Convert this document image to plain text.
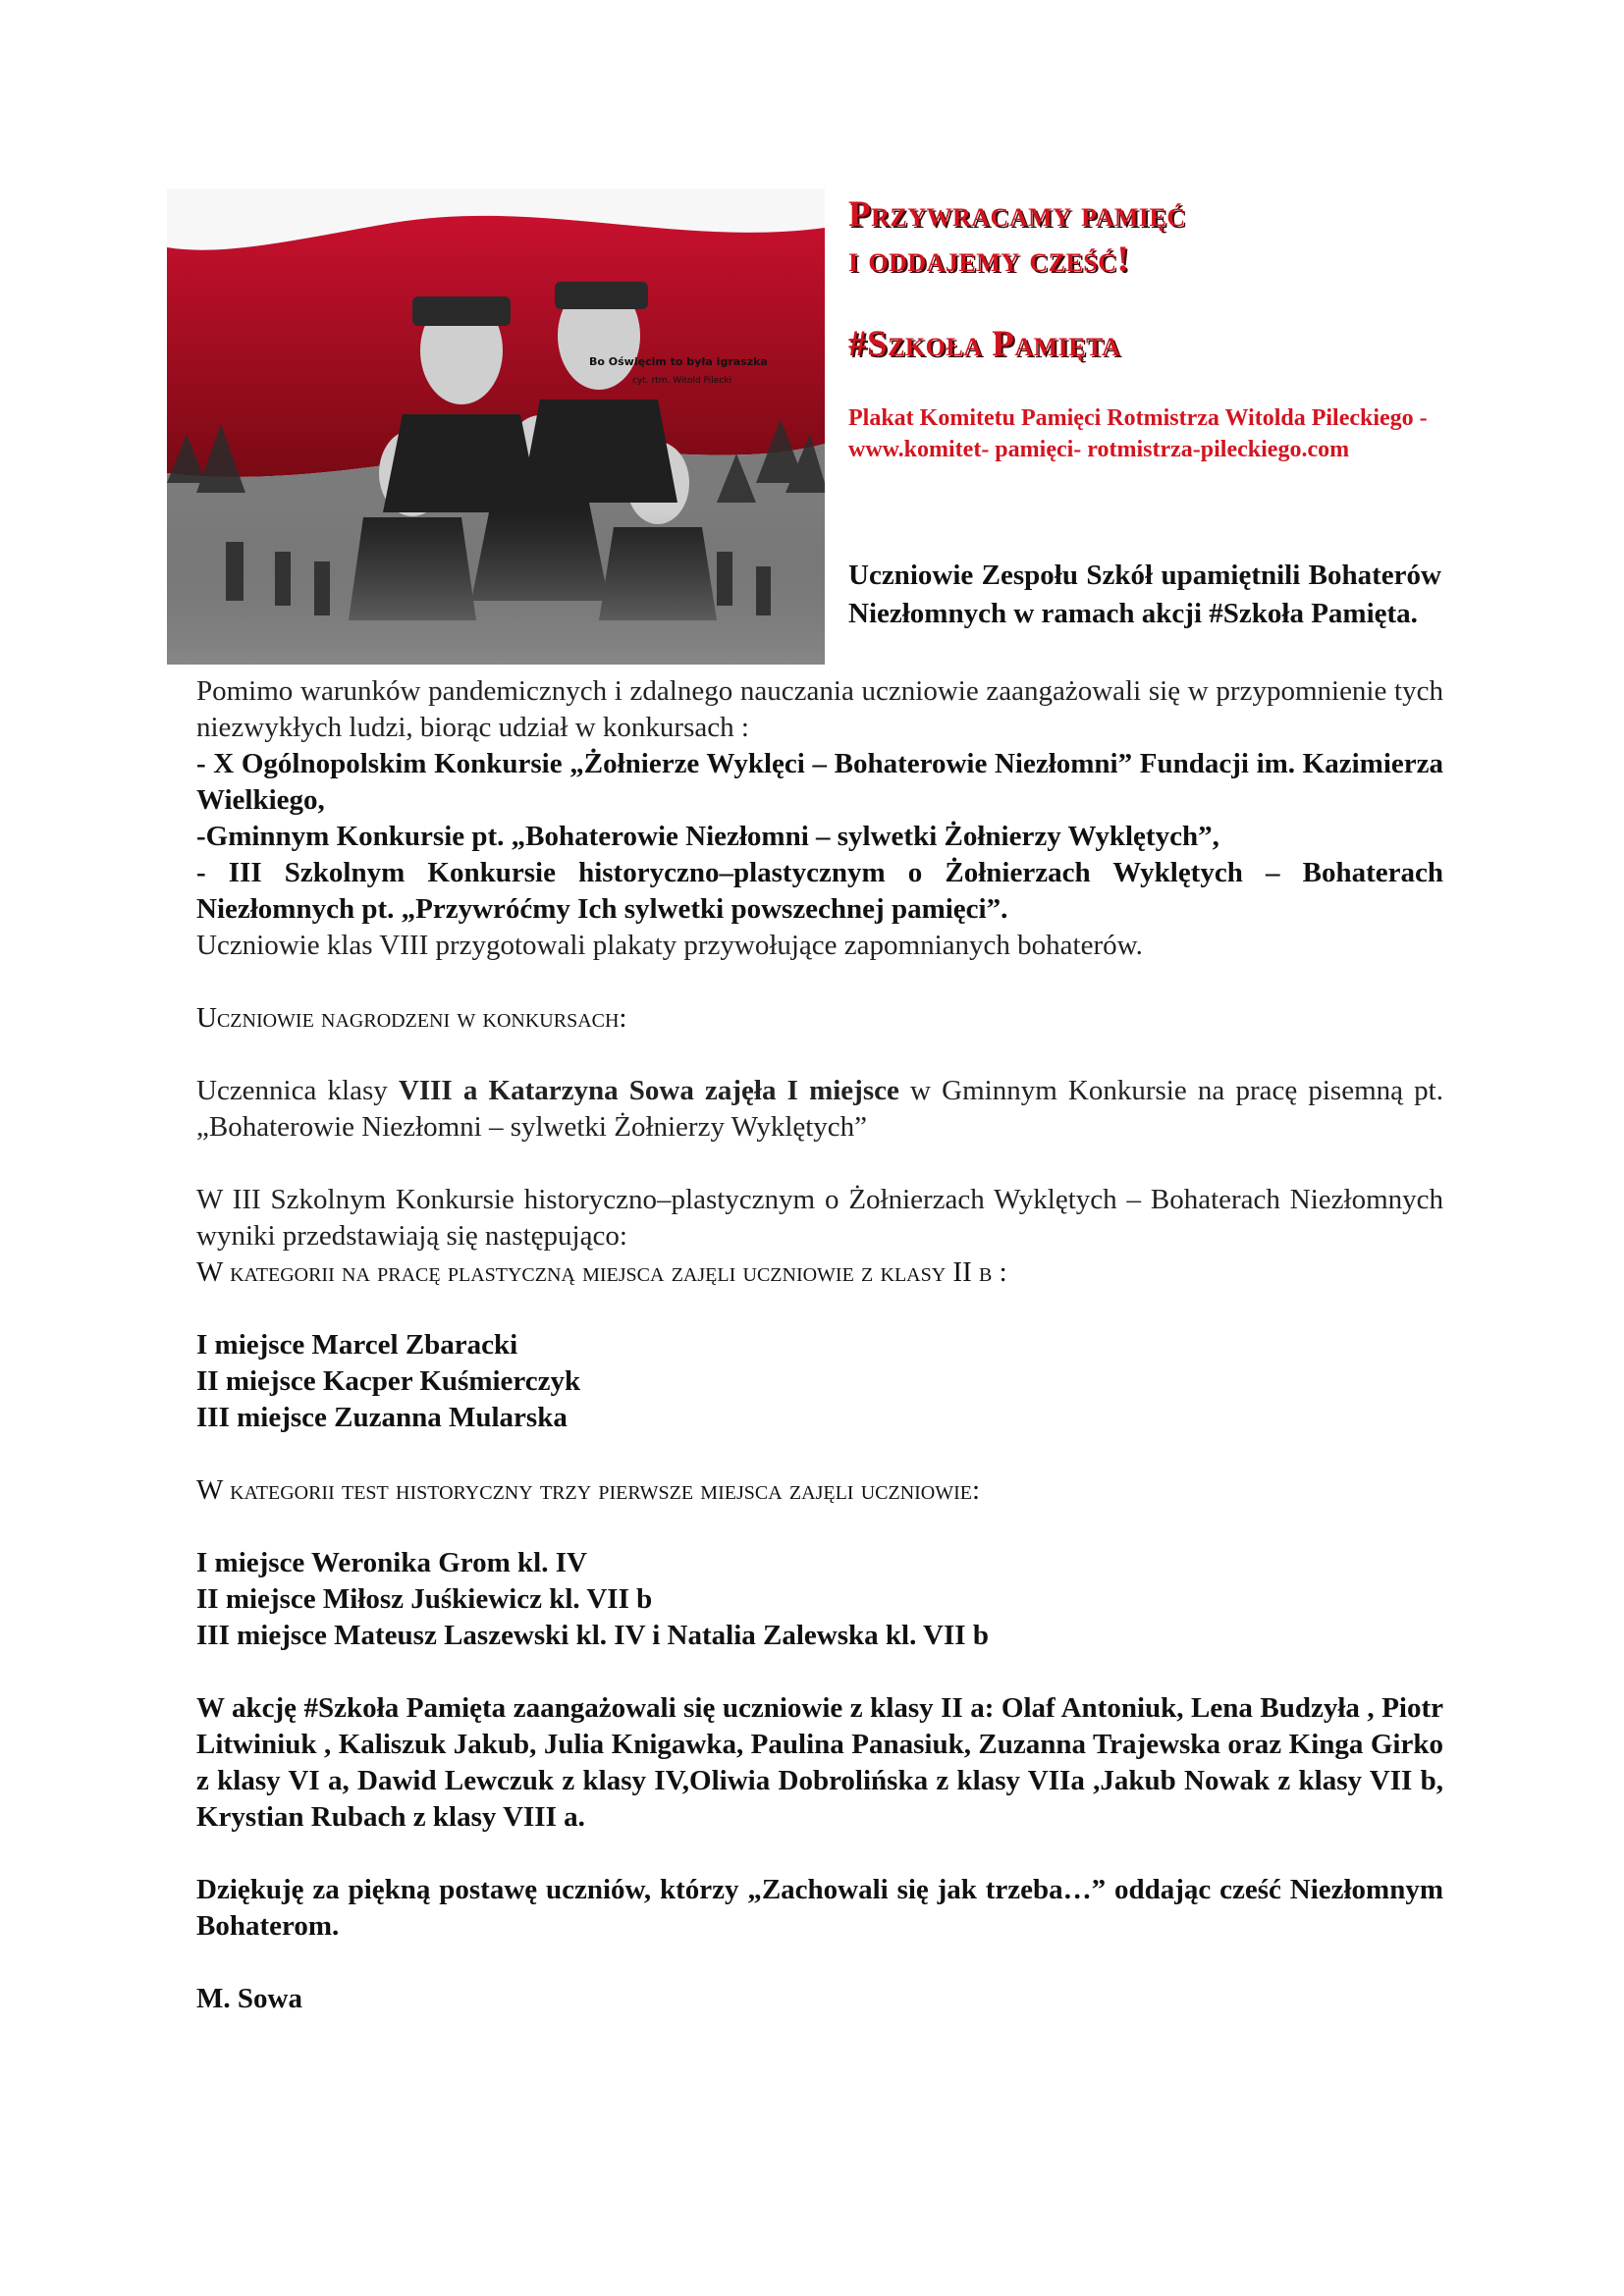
Bo Oświęcim to była igraszka
cyt. rtm. Witold Pilecki
Przywracamy pamięć
i oddajemy cześć!
#Szkoła Pamięta
Plakat Komitetu Pamięci Rotmistrza Witolda Pileckiego - www.komitet- pamięci- rotmistrza-pileckiego.com
Uczniowie Zespołu Szkół upamiętnili Bohaterów Niezłomnych w ramach akcji #Szkoła Pamięta.

Pomimo warunków pandemicznych i zdalnego nauczania uczniowie zaangażowali się w przypomnienie tych niezwykłych ludzi, biorąc udział w konkursach :

- X Ogólnopolskim Konkursie „Żołnierze Wyklęci – Bohaterowie Niezłomni” Fundacji im. Kazimierza Wielkiego,

-Gminnym Konkursie pt. „Bohaterowie Niezłomni – sylwetki Żołnierzy Wyklętych”,

- III Szkolnym Konkursie historyczno–plastycznym o Żołnierzach Wyklętych – Bohaterach Niezłomnych pt. „Przywróćmy Ich sylwetki powszechnej pamięci”.

Uczniowie klas VIII przygotowali plakaty przywołujące zapomnianych bohaterów.

Uczniowie nagrodzeni w konkursach:

Uczennica klasy VIII a Katarzyna Sowa zajęła I miejsce w Gminnym Konkursie na pracę pisemną pt. „Bohaterowie Niezłomni – sylwetki Żołnierzy Wyklętych”

W III Szkolnym Konkursie historyczno–plastycznym o Żołnierzach Wyklętych – Bohaterach Niezłomnych wyniki przedstawiają się następująco:

W kategorii na pracę plastyczną miejsca zajęli uczniowie z klasy II b :

I miejsce Marcel Zbaracki

II miejsce Kacper Kuśmierczyk

III miejsce Zuzanna Mularska

W kategorii test historyczny trzy pierwsze miejsca zajęli uczniowie:

I miejsce Weronika Grom kl. IV

II miejsce Miłosz Juśkiewicz kl. VII b

III miejsce Mateusz Laszewski kl. IV i Natalia Zalewska kl. VII b

W akcję #Szkoła Pamięta zaangażowali się uczniowie z klasy II a: Olaf Antoniuk, Lena Budzyła , Piotr Litwiniuk , Kaliszuk Jakub, Julia Knigawka, Paulina Panasiuk, Zuzanna Trajewska oraz Kinga Girko z klasy VI a, Dawid Lewczuk z klasy IV,Oliwia Dobrolińska z klasy VIIa ,Jakub Nowak z klasy VII b, Krystian Rubach z klasy VIII a.

Dziękuję za piękną postawę uczniów, którzy „Zachowali się jak trzeba…” oddając cześć Niezłomnym Bohaterom.

M. Sowa
